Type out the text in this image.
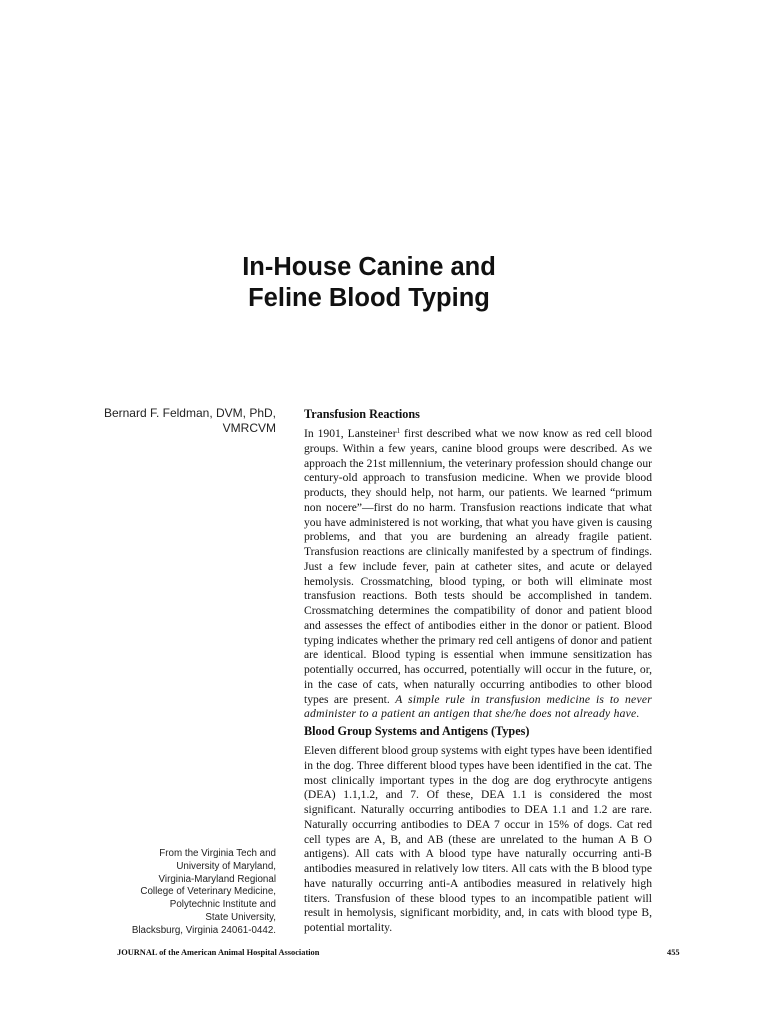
In-House Canine and
Feline Blood Typing
Bernard F. Feldman, DVM, PhD,
VMRCVM
From the Virginia Tech and
University of Maryland,
Virginia-Maryland Regional
College of Veterinary Medicine,
Polytechnic Institute and
State University,
Blacksburg, Virginia 24061-0442.
Transfusion Reactions

In 1901, Lansteiner$^1$ first described what we now know as red cell blood groups. Within a few years, canine blood groups were described. As we approach the 21st millennium, the veterinary profession should change our century-old approach to transfusion medicine. When we provide blood products, they should help, not harm, our patients. We learned “primum non nocere”—first do no harm. Transfusion reactions indicate that what you have administered is not working, that what you have given is causing problems, and that you are burdening an already fragile patient. Transfusion reactions are clinically manifested by a spectrum of findings. Just a few include fever, pain at catheter sites, and acute or delayed hemolysis. Crossmatching, blood typing, or both will eliminate most transfusion reactions. Both tests should be accomplished in tandem. Crossmatching determines the compatibility of donor and patient blood and assesses the effect of antibodies either in the donor or patient. Blood typing indicates whether the primary red cell antigens of donor and patient are identical. Blood typing is essential when immune sensitization has potentially occurred, has occurred, potentially will occur in the future, or, in the case of cats, when naturally occurring antibodies to other blood types are present. A simple rule in transfusion medicine is to never administer to a patient an antigen that she/he does not already have.

Blood Group Systems and Antigens (Types)

Eleven different blood group systems with eight types have been identified in the dog. Three different blood types have been identified in the cat. The most clinically important types in the dog are dog erythrocyte antigens (DEA) 1.1,1.2, and 7. Of these, DEA 1.1 is considered the most significant. Naturally occurring antibodies to DEA 1.1 and 1.2 are rare. Naturally occurring antibodies to DEA 7 occur in 15% of dogs. Cat red cell types are A, B, and AB (these are unrelated to the human A B O antigens). All cats with A blood type have naturally occurring anti-B antibodies measured in relatively low titers. All cats with the B blood type have naturally occurring anti-A antibodies measured in relatively high titers. Transfusion of these blood types to an incompatible patient will result in hemolysis, significant morbidity, and, in cats with blood type B, potential mortality.

JOURNAL of the American Animal Hospital Association	455
